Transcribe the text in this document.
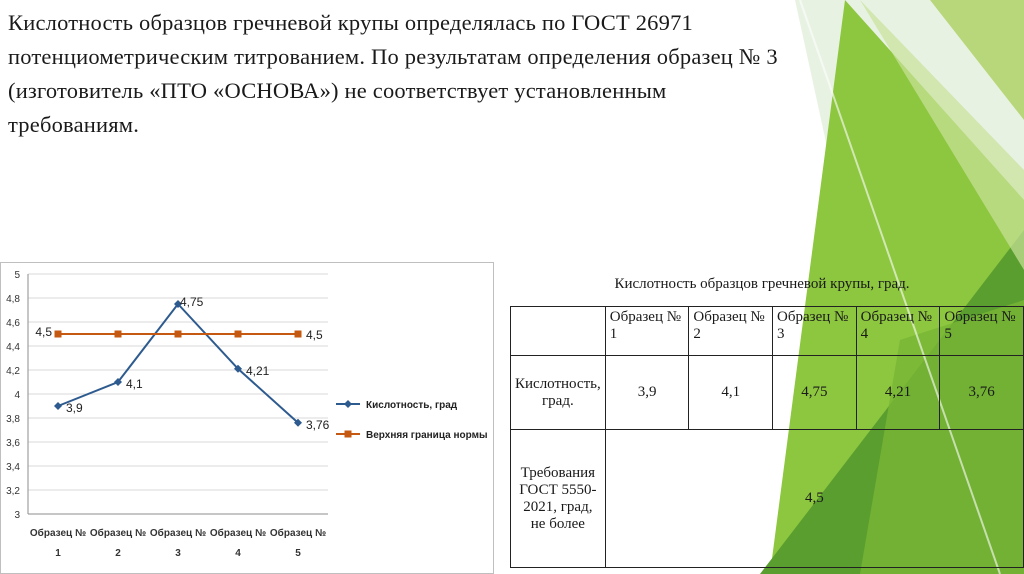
Кислотность образцов гречневой крупы определялась по ГОСТ 26971
потенциометрическим титрованием. По результатам определения образец № 3
(изготовитель «ПТО «ОСНОВА») не соответствует установленным
требованиям.
3
3,2
3,4
3,6
3,8
4
4,2
4,4
4,6
4,8
5
Образец №
1
Образец №
2
Образец №
3
Образец №
4
Образец №
5
3,9
4,1
4,75
4,21
3,76
4,5	4,5
Кислотность, град
Верхняя граница нормы
Кислотность образцов гречневой крупы, град.
	Образец № 1	Образец № 2	Образец № 3	Образец № 4	Образец № 5
Кислотность, град.	3,9	4,1	4,75	4,21	3,76
Требования ГОСТ 5550-2021, град, не более	4,5				
